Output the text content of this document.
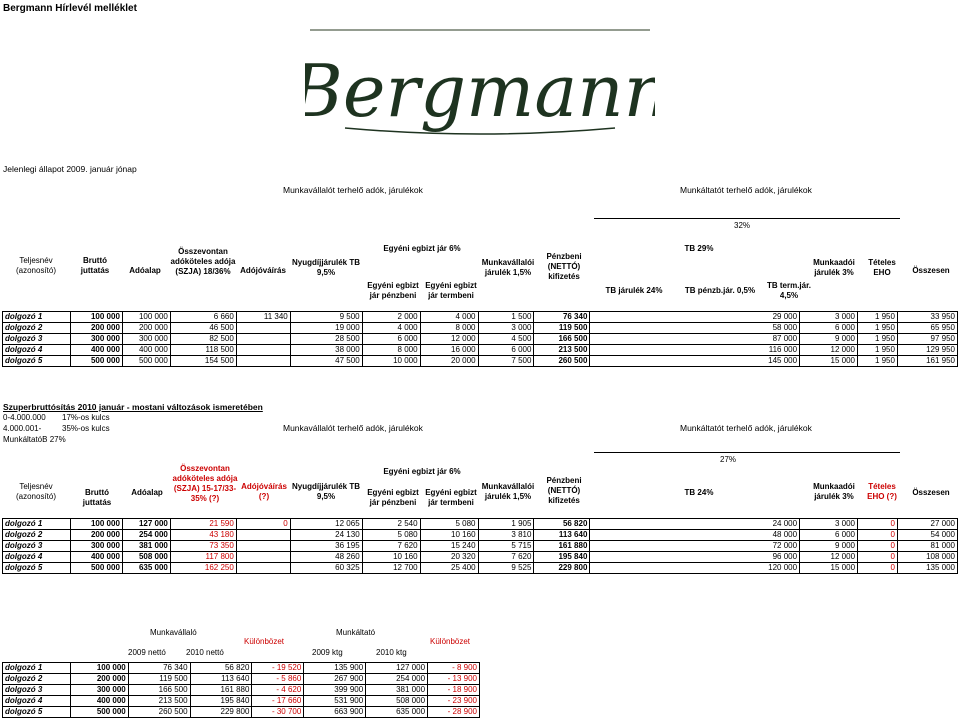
Bergmann Hírlevél melléklet
Bergmann
Jelenlegi állapot 2009. január jónap
Munkavállalót terhelő adók, járulékok	Munkáltatót terhelő adók, járulékok
32%
Teljesnév (azonosító)
Bruttó juttatás	Adóalap
Összevontan adóköteles adója (SZJA) 18/36%	Adójóváírás
Nyugdíjjárulék TB 9,5%
Egyéni egbizt jár 6%
Egyéni egbizt jár pénzbeni
Egyéni egbizt jár termbeni
Munkavállalói járulék 1,5%
Pénzbeni (NETTÓ) kifizetés
TB 29%
TB járulék 24%	TB pénzb.jár. 0,5%
TB term.jár. 4,5%
Munkaadói járulék 3%
Tételes EHO	Összesen
dolgozó 1	100 000	100 000	6 660	11 340	9 500	2 000	4 000	1 500	76 340	29 000	3 000	1 950	33 950
dolgozó 2	200 000	200 000	46 500		19 000	4 000	8 000	3 000	119 500	58 000	6 000	1 950	65 950
dolgozó 3	300 000	300 000	82 500		28 500	6 000	12 000	4 500	166 500	87 000	9 000	1 950	97 950
dolgozó 4	400 000	400 000	118 500		38 000	8 000	16 000	6 000	213 500	116 000	12 000	1 950	129 950
dolgozó 5	500 000	500 000	154 500		47 500	10 000	20 000	7 500	260 500	145 000	15 000	1 950	161 950
Szuperbruttósítás 2010 január - mostani változások ismeretében
0-4.000.000 17%-os kulcs
4.000.001-	35%-os kulcs
MunkáltatóB 27%
Munkavállalót terhelő adók, járulékok	Munkáltatót terhelő adók, járulékok
27%
Teljesnév (azonosító)	Bruttó juttatás
Adóalap
Összevontan adóköteles adója (SZJA) 15-17/33-35% (?)
Adójóváírás (?)
Nyugdíjjárulék TB 9,5%
Egyéni egbizt jár 6%
Egyéni egbizt jár pénzbeni
Egyéni egbizt jár termbeni
Munkavállalói járulék 1,5%
Pénzbeni (NETTÓ) kifizetés
TB 24%
Munkaadói járulék 3%
Tételes EHO (?)	Összesen
dolgozó 1	100 000	127 000	21 590	0	12 065	2 540	5 080	1 905	56 820	24 000	3 000	0	27 000
dolgozó 2	200 000	254 000	43 180		24 130	5 080	10 160	3 810	113 640	48 000	6 000	0	54 000
dolgozó 3	300 000	381 000	73 350		36 195	7 620	15 240	5 715	161 880	72 000	9 000	0	81 000
dolgozó 4	400 000	508 000	117 800		48 260	10 160	20 320	7 620	195 840	96 000	12 000	0	108 000
dolgozó 5	500 000	635 000	162 250		60 325	12 700	25 400	9 525	229 800	120 000	15 000	0	135 000
Munkavállaló	Munkáltató
Különbözet	Különbözet
2009 nettó	2010 nettó	2009 ktg	2010 ktg
dolgozó 1	100 000	76 340	56 820	- 19 520	135 900	127 000	- 8 900
dolgozó 2	200 000	119 500	113 640	- 5 860	267 900	254 000	- 13 900
dolgozó 3	300 000	166 500	161 880	- 4 620	399 900	381 000	- 18 900
dolgozó 4	400 000	213 500	195 840	- 17 660	531 900	508 000	- 23 900
dolgozó 5	500 000	260 500	229 800	- 30 700	663 900	635 000	- 28 900
